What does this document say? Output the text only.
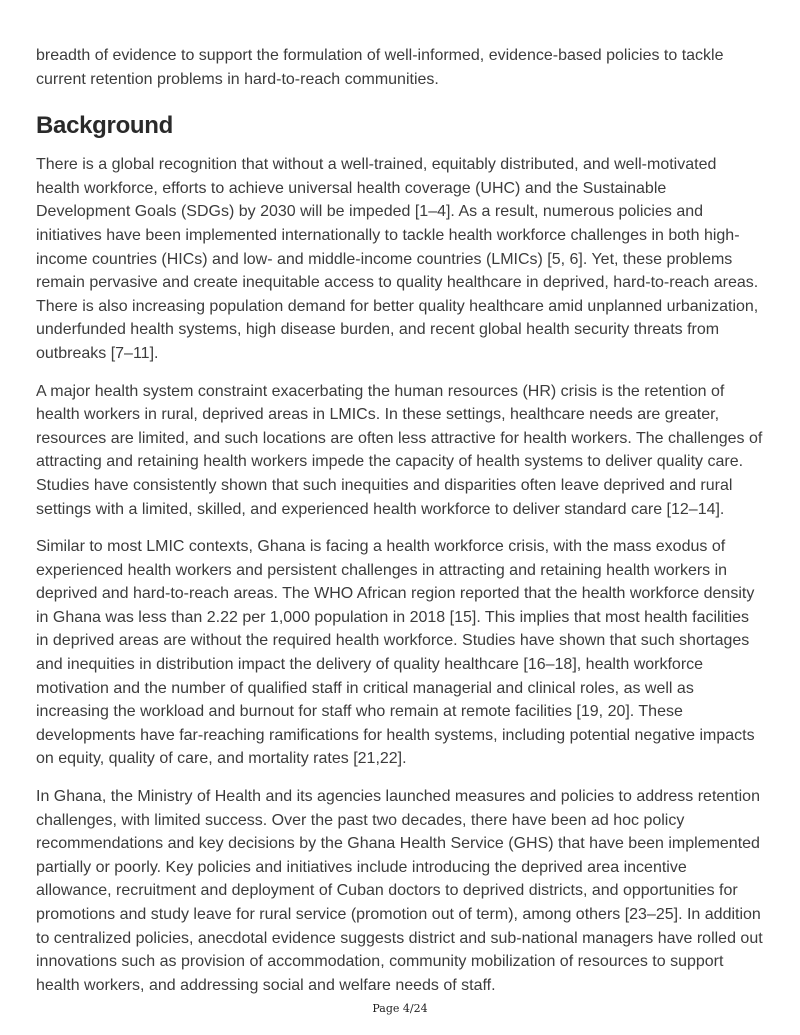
breadth of evidence to support the formulation of well-informed, evidence-based policies to tackle current retention problems in hard-to-reach communities.

Background

There is a global recognition that without a well-trained, equitably distributed, and well-motivated health workforce, efforts to achieve universal health coverage (UHC) and the Sustainable Development Goals (SDGs) by 2030 will be impeded [1–4]. As a result, numerous policies and initiatives have been implemented internationally to tackle health workforce challenges in both high-income countries (HICs) and low- and middle-income countries (LMICs) [5, 6]. Yet, these problems remain pervasive and create inequitable access to quality healthcare in deprived, hard-to-reach areas. There is also increasing population demand for better quality healthcare amid unplanned urbanization, underfunded health systems, high disease burden, and recent global health security threats from outbreaks [7–11].

A major health system constraint exacerbating the human resources (HR) crisis is the retention of health workers in rural, deprived areas in LMICs. In these settings, healthcare needs are greater, resources are limited, and such locations are often less attractive for health workers. The challenges of attracting and retaining health workers impede the capacity of health systems to deliver quality care. Studies have consistently shown that such inequities and disparities often leave deprived and rural settings with a limited, skilled, and experienced health workforce to deliver standard care [12–14].

Similar to most LMIC contexts, Ghana is facing a health workforce crisis, with the mass exodus of experienced health workers and persistent challenges in attracting and retaining health workers in deprived and hard-to-reach areas. The WHO African region reported that the health workforce density in Ghana was less than 2.22 per 1,000 population in 2018 [15]. This implies that most health facilities in deprived areas are without the required health workforce. Studies have shown that such shortages and inequities in distribution impact the delivery of quality healthcare [16–18], health workforce motivation and the number of qualified staff in critical managerial and clinical roles, as well as increasing the workload and burnout for staff who remain at remote facilities [19, 20]. These developments have far-reaching ramifications for health systems, including potential negative impacts on equity, quality of care, and mortality rates [21,22].

In Ghana, the Ministry of Health and its agencies launched measures and policies to address retention challenges, with limited success. Over the past two decades, there have been ad hoc policy recommendations and key decisions by the Ghana Health Service (GHS) that have been implemented partially or poorly. Key policies and initiatives include introducing the deprived area incentive allowance, recruitment and deployment of Cuban doctors to deprived districts, and opportunities for promotions and study leave for rural service (promotion out of term), among others [23–25]. In addition to centralized policies, anecdotal evidence suggests district and sub-national managers have rolled out innovations such as provision of accommodation, community mobilization of resources to support health workers, and addressing social and welfare needs of staff.

Page 4/24
